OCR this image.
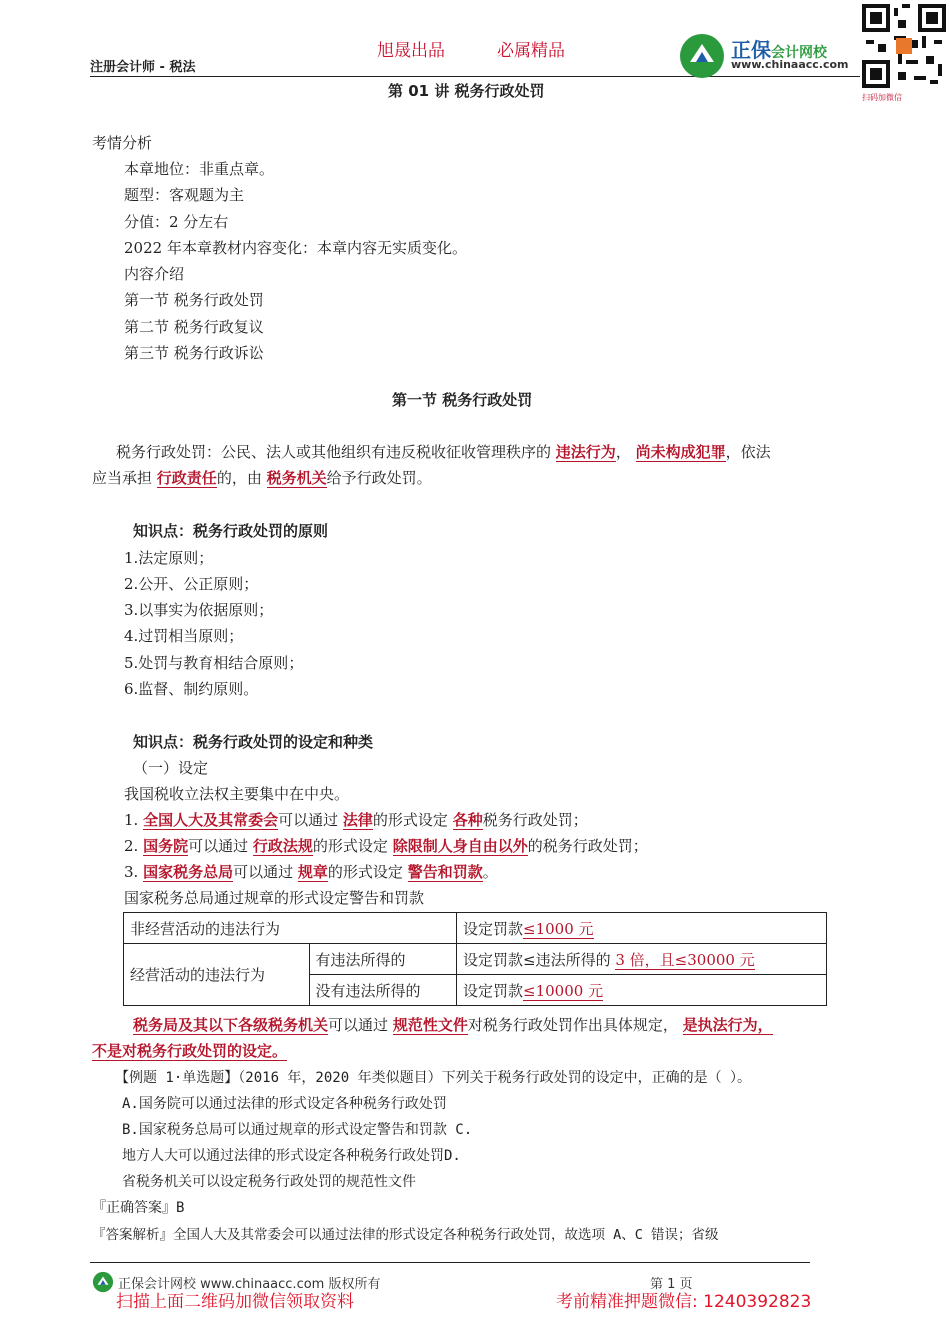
注册会计师 - 税法
旭晟出品	必属精品	正保会计网校
www.chinaacc.com
扫码加微信
第 01 讲 税务行政处罚
考情分析
本章地位：非重点章。
题型：客观题为主
分值：2 分左右
2022 年本章教材内容变化：本章内容无实质变化。
内容介绍
第一节 税务行政处罚
第二节 税务行政复议
第三节 税务行政诉讼
第一节 税务行政处罚
税务行政处罚：公民、法人或其他组织有违反税收征收管理秩序的 违法行为， 尚未构成犯罪，依法
应当承担 行政责任的，由 税务机关给予行政处罚。
知识点：税务行政处罚的原则
1.法定原则；
2.公开、公正原则；
3.以事实为依据原则；
4.过罚相当原则；
5.处罚与教育相结合原则；
6.监督、制约原则。
知识点：税务行政处罚的设定和种类
（一）设定
我国税收立法权主要集中在中央。
1. 全国人大及其常委会可以通过 法律的形式设定 各种税务行政处罚；
2. 国务院可以通过 行政法规的形式设定 除限制人身自由以外的税务行政处罚；
3. 国家税务总局可以通过 规章的形式设定 警告和罚款。
国家税务总局通过规章的形式设定警告和罚款
非经营活动的违法行为		设定罚款≤1000 元
经营活动的违法行为	有违法所得的	设定罚款≤违法所得的 3 倍，且≤30000 元
	没有违法所得的	设定罚款≤10000 元
税务局及其以下各级税务机关可以通过 规范性文件对税务行政处罚作出具体规定， 是执法行为，
不是对税务行政处罚的设定。
【例题 1·单选题】（2016 年，2020 年类似题目）下列关于税务行政处罚的设定中，正确的是（ ）。
A.国务院可以通过法律的形式设定各种税务行政处罚
B.国家税务总局可以通过规章的形式设定警告和罚款 C.
地方人大可以通过法律的形式设定各种税务行政处罚D.
省税务机关可以设定税务行政处罚的规范性文件
『正确答案』B
『答案解析』全国人大及其常委会可以通过法律的形式设定各种税务行政处罚，故选项 A、C 错误；省级
正保会计网校 www.chinaacc.com 版权所有	第 1 页
扫描上面二维码加微信领取资料	考前精准押题微信: 1240392823
